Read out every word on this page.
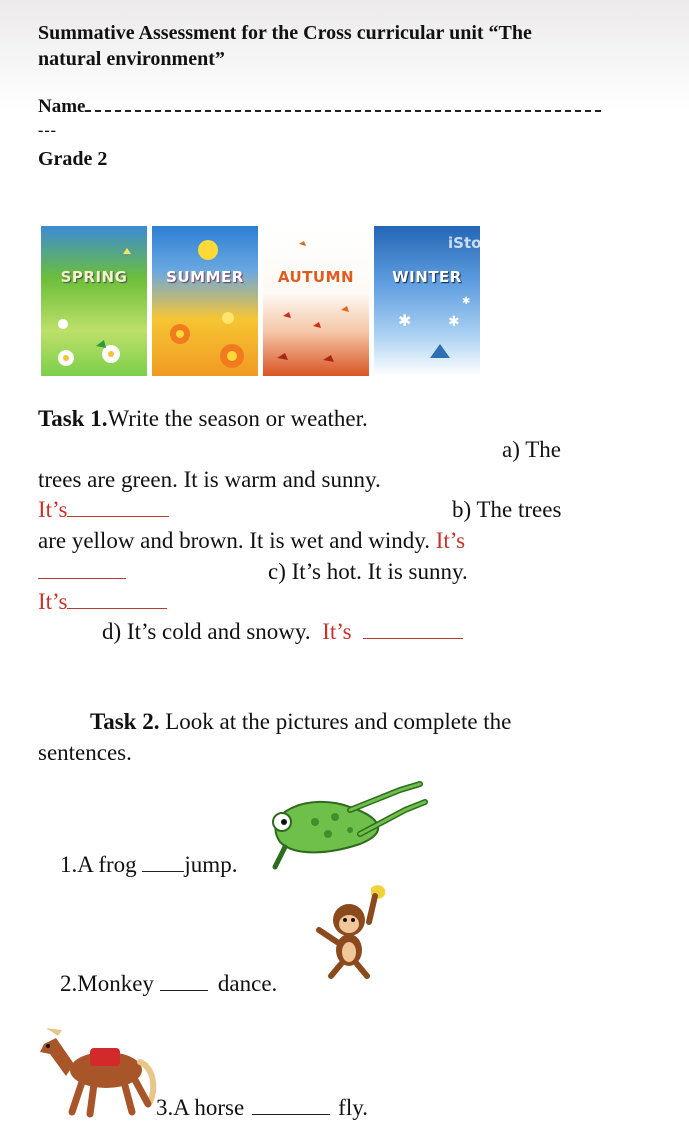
Summative Assessment for the Cross curricular unit “The
natural environment”
Name
---
Grade 2
SPRING	SUMMER	AUTUMN	WINTER
✱	✱
✱
iStock
Task 1.Write the season or weather.
a) The
trees are green. It is warm and sunny.
It’s	b) The trees
are yellow and brown. It is wet and windy. It’s
c) It’s hot. It is sunny.
It’s
d) It’s cold and snowy. It’s
Task 2. Look at the pictures and complete the
sentences.
1.A frog jump.
2.Monkey	dance.
3.A horse	fly.
